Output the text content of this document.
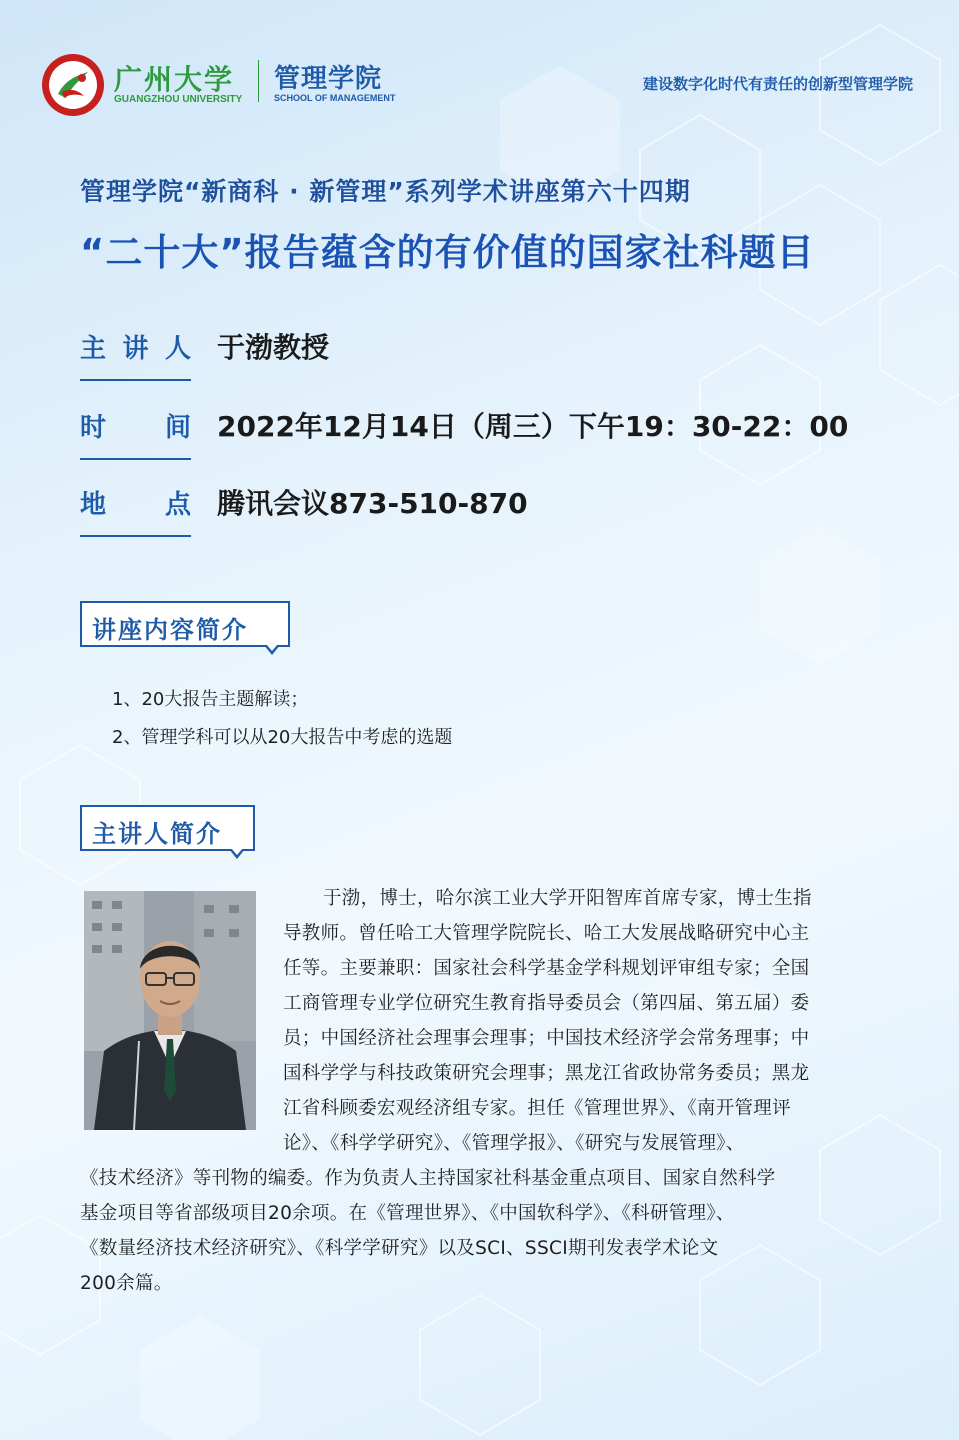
广州大学
GUANGZHOU UNIVERSITY
管理学院
SCHOOL OF MANAGEMENT
建设数字化时代有责任的创新型管理学院
管理学院“新商科 · 新管理”系列学术讲座第六十四期
“二十大”报告蕴含的有价值的国家社科题目
主 讲 人 于渤教授
时 间 2022年12月14日（周三）下午19：30-22：00
地 点 腾讯会议873-510-870
讲座内容简介
1、20大报告主题解读；
2、管理学科可以从20大报告中考虑的选题
主讲人简介
于渤，博士，哈尔滨工业大学开阳智库首席专家，博士生指
导教师。曾任哈工大管理学院院长、哈工大发展战略研究中心主
任等。主要兼职：国家社会科学基金学科规划评审组专家；全国
工商管理专业学位研究生教育指导委员会（第四届、第五届）委
员；中国经济社会理事会理事；中国技术经济学会常务理事；中
国科学学与科技政策研究会理事；黑龙江省政协常务委员；黑龙
江省科顾委宏观经济组专家。担任《管理世界》、《南开管理评
论》、《科学学研究》、《管理学报》、《研究与发展管理》、
《技术经济》等刊物的编委。作为负责人主持国家社科基金重点项目、国家自然科学
基金项目等省部级项目20余项。在《管理世界》、《中国软科学》、《科研管理》、
《数量经济技术经济研究》、《科学学研究》以及SCI、SSCI期刊发表学术论文
200余篇。
